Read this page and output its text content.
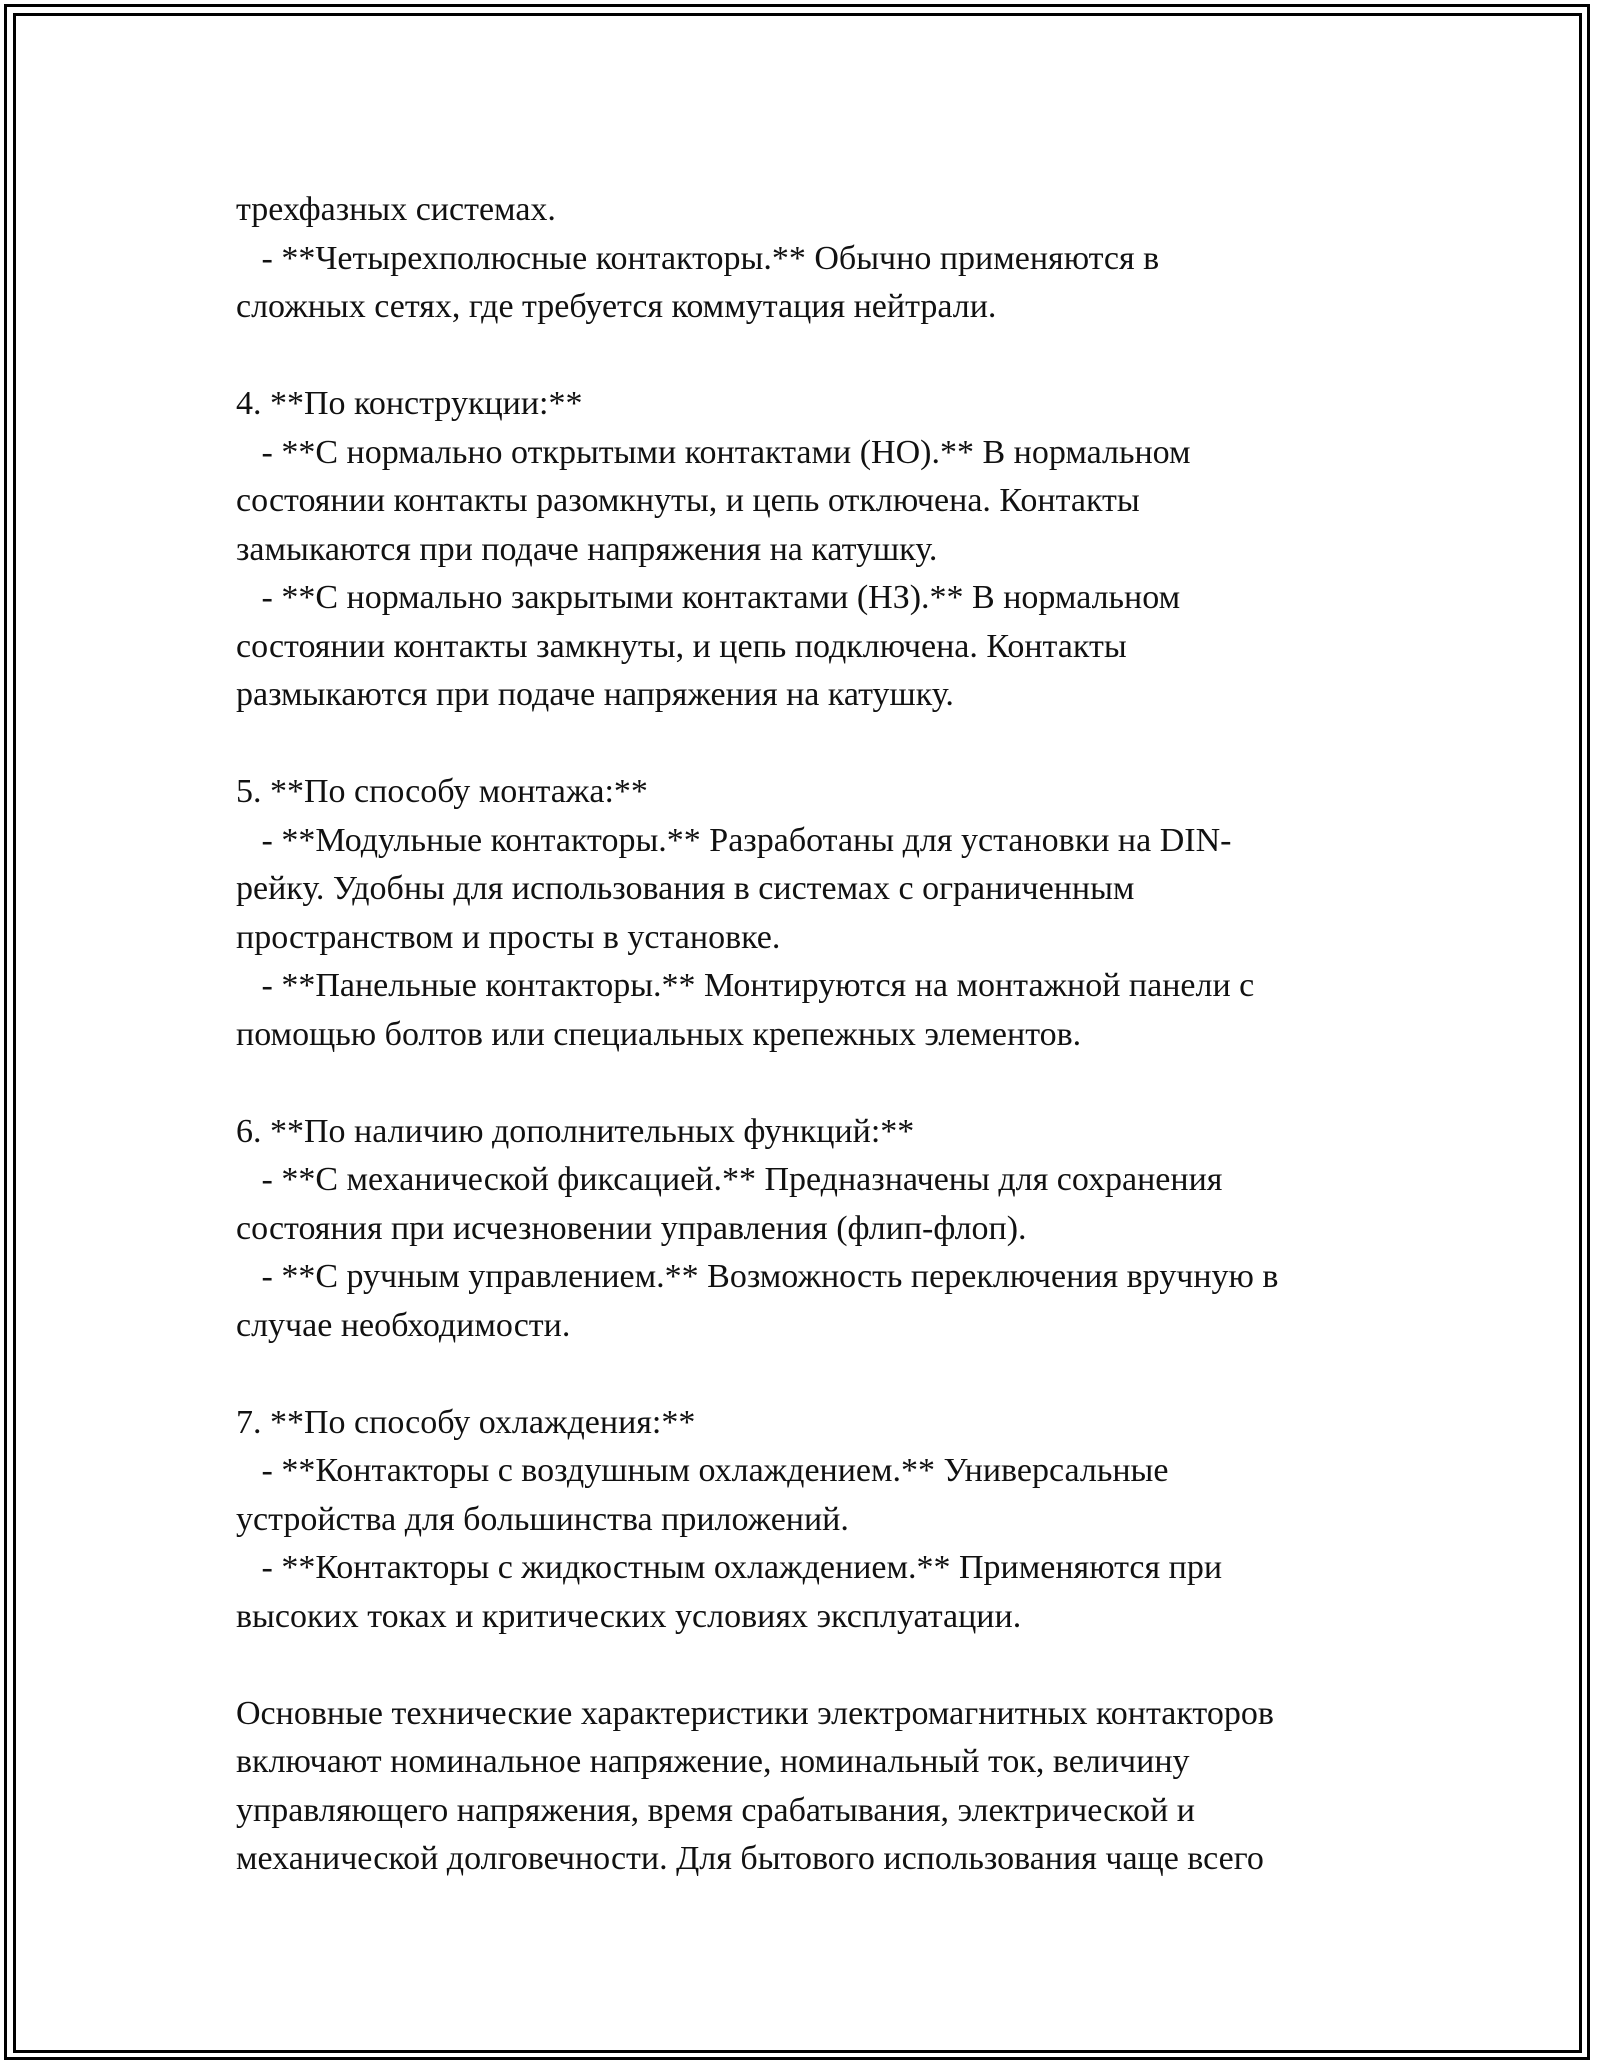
трехфазных системах.

- **Четырехполюсные контакторы.** Обычно применяются в

сложных сетях, где требуется коммутация нейтрали.

4. **По конструкции:**

- **С нормально открытыми контактами (НО).** В нормальном

состоянии контакты разомкнуты, и цепь отключена. Контакты

замыкаются при подаче напряжения на катушку.

- **С нормально закрытыми контактами (НЗ).** В нормальном

состоянии контакты замкнуты, и цепь подключена. Контакты

размыкаются при подаче напряжения на катушку.

5. **По способу монтажа:**

- **Модульные контакторы.** Разработаны для установки на DIN-

рейку. Удобны для использования в системах с ограниченным

пространством и просты в установке.

- **Панельные контакторы.** Монтируются на монтажной панели с

помощью болтов или специальных крепежных элементов.

6. **По наличию дополнительных функций:**

- **С механической фиксацией.** Предназначены для сохранения

состояния при исчезновении управления (флип-флоп).

- **С ручным управлением.** Возможность переключения вручную в

случае необходимости.

7. **По способу охлаждения:**

- **Контакторы с воздушным охлаждением.** Универсальные

устройства для большинства приложений.

- **Контакторы с жидкостным охлаждением.** Применяются при

высоких токах и критических условиях эксплуатации.

Основные технические характеристики электромагнитных контакторов

включают номинальное напряжение, номинальный ток, величину

управляющего напряжения, время срабатывания, электрической и

механической долговечности. Для бытового использования чаще всего
